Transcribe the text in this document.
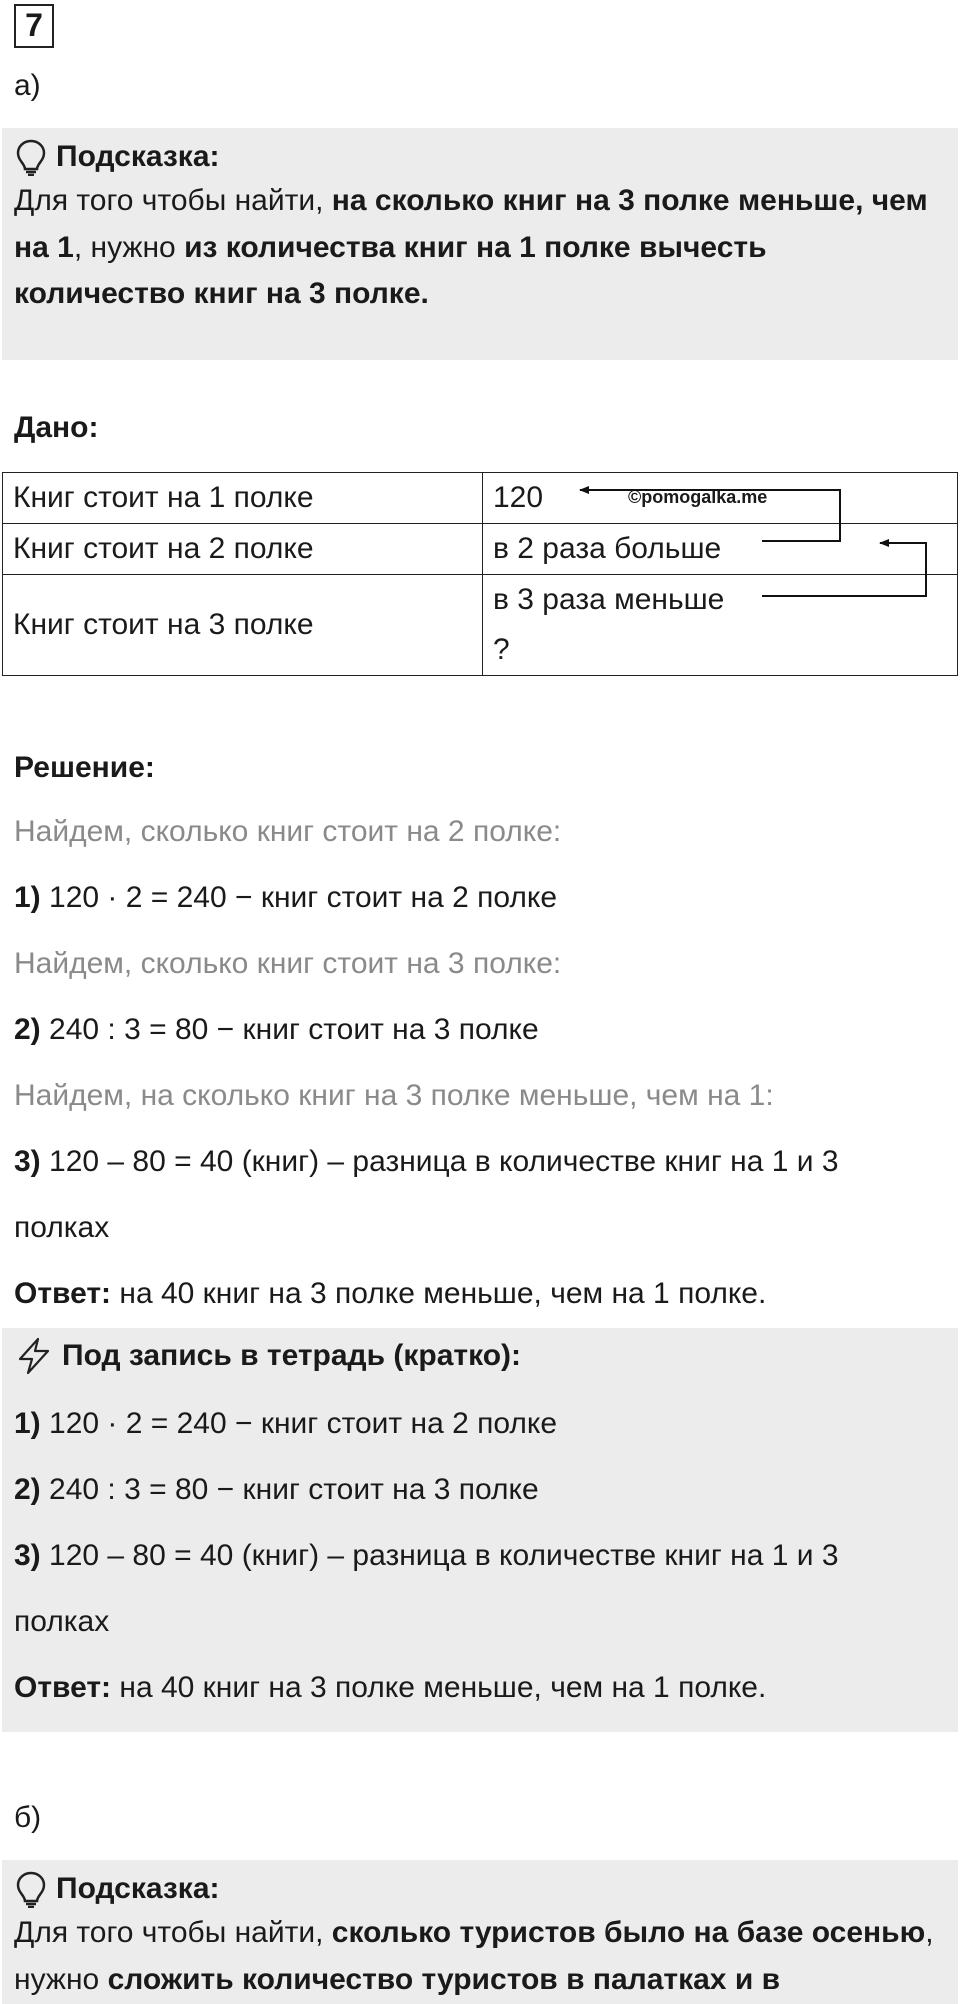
7
а)
Подсказка:
Для того чтобы найти, на сколько книг на 3 полке меньше, чем на 1, нужно из количества книг на 1 полке вычесть количество книг на 3 полке.
Дано:
Книг стоит на 1 полке	120
Книг стоит на 2 полке	в 2 раза больше
Книг стоит на 3 полке	в 3 раза меньше
?
©pomogalka.me
Решение:
Найдем, сколько книг стоит на 2 полке:
1) 120 · 2 = 240 − книг стоит на 2 полке
Найдем, сколько книг стоит на 3 полке:
2) 240 : 3 = 80 − книг стоит на 3 полке
Найдем, на сколько книг на 3 полке меньше, чем на 1:
3) 120 – 80 = 40 (книг) – разница в количестве книг на 1 и 3
полках
Ответ: на 40 книг на 3 полке меньше, чем на 1 полке.
Под запись в тетрадь (кратко):
1) 120 · 2 = 240 − книг стоит на 2 полке
2) 240 : 3 = 80 − книг стоит на 3 полке
3) 120 – 80 = 40 (книг) – разница в количестве книг на 1 и 3
полках
Ответ: на 40 книг на 3 полке меньше, чем на 1 полке.
б)
Подсказка:
Для того чтобы найти, сколько туристов было на базе осенью, нужно сложить количество туристов в палатках и в
